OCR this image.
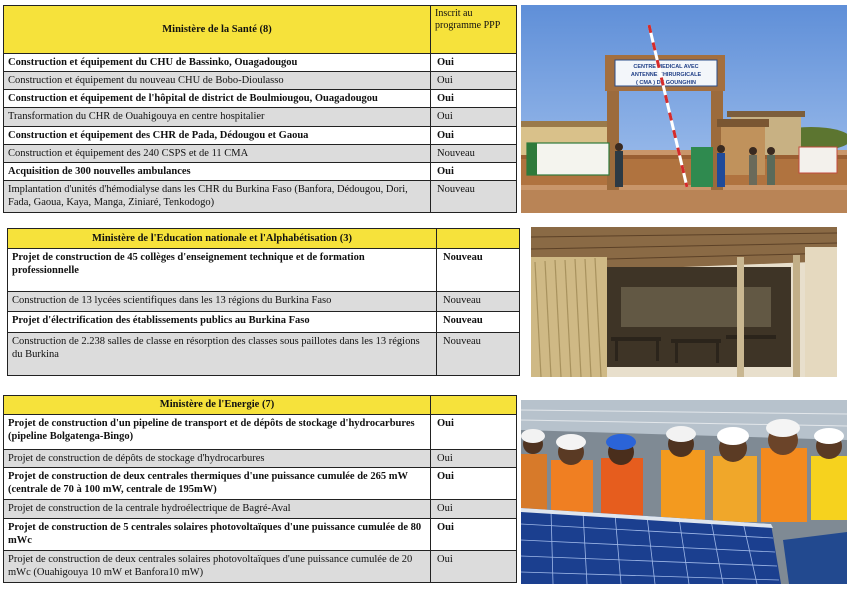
Ministère de la Santé (8)	Inscrit au programme PPP
Construction et équipement du CHU de Bassinko, Ouagadougou	Oui
Construction et équipement du nouveau CHU de Bobo-Dioulasso	Oui
Construction et équipement de l'hôpital de district de Boulmiougou, Ouagadougou	Oui
Transformation du CHR de Ouahigouya en centre hospitalier	Oui
Construction et équipement des CHR de Pada, Dédougou et Gaoua	Oui
Construction et équipement des 240 CSPS et de 11 CMA	Nouveau
Acquisition de 300 nouvelles ambulances	Oui
Implantation d'unités d'hémodialyse dans les CHR du Burkina Faso (Banfora, Dédougou, Dori, Fada, Gaoua, Kaya, Manga, Ziniaré, Tenkodogo)	Nouveau
Ministère de l'Education nationale et l'Alphabétisation (3)	
Projet de construction de 45 collèges d'enseignement technique et de formation professionnelle	Nouveau
Construction de 13 lycées scientifiques dans les 13 régions du Burkina Faso	Nouveau
Projet d'électrification des établissements publics au Burkina Faso	Nouveau
Construction de 2.238 salles de classe en résorption des classes sous paillotes dans les 13 régions du Burkina	Nouveau
Ministère de l'Energie (7)	
Projet de construction d'un pipeline de transport et de dépôts de stockage d'hydrocarbures (pipeline Bolgatenga-Bingo)	Oui
Projet de construction de dépôts de stockage d'hydrocarbures	Oui
Projet de construction de deux centrales thermiques d'une puissance cumulée de 265 mW (centrale de 70 à 100 mW, centrale de 195mW)	Oui
Projet de construction de la centrale hydroélectrique de Bagré-Aval	Oui
Projet de construction de 5 centrales solaires photovoltaïques d'une puissance cumulée de 80 mWc	Oui
Projet de construction de deux centrales solaires photovoltaïques d'une puissance cumulée de 20 mWc (Ouahigouya 10 mW et Banfora10 mW)	Oui
CENTRE MEDICAL AVEC
ANTENNE CHIRURGICALE
( CMA ) DE GOUNGHIN
